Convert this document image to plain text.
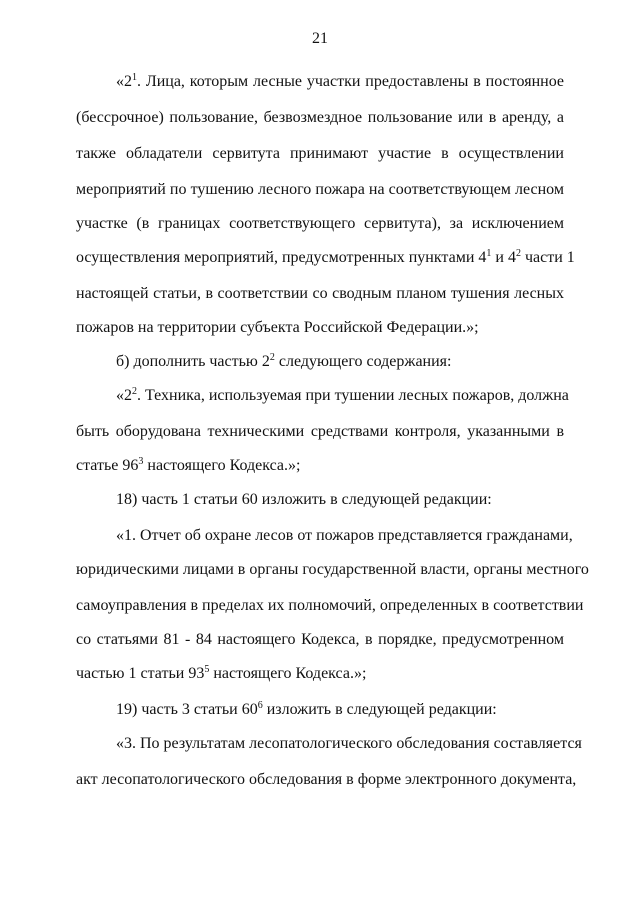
21
«$2^1$. Лица, которым лесные участки предоставлены в постоянное
(бессрочное) пользование, безвозмездное пользование или в аренду, а
также обладатели сервитута принимают участие в осуществлении
мероприятий по тушению лесного пожара на соответствующем лесном
участке (в границах соответствующего сервитута), за исключением
осуществления мероприятий, предусмотренных пунктами $4^1$ и $4^2$ части 1
настоящей статьи, в соответствии со сводным планом тушения лесных
пожаров на территории субъекта Российской Федерации.»;
б) дополнить частью $2^2$ следующего содержания:
«$2^2$. Техника, используемая при тушении лесных пожаров, должна
быть оборудована техническими средствами контроля, указанными в
статье $96^3$ настоящего Кодекса.»;
18) часть 1 статьи 60 изложить в следующей редакции:
«1. Отчет об охране лесов от пожаров представляется гражданами,
юридическими лицами в органы государственной власти, органы местного
самоуправления в пределах их полномочий, определенных в соответствии
со статьями 81 - 84 настоящего Кодекса, в порядке, предусмотренном
частью 1 статьи $93^5$ настоящего Кодекса.»;
19) часть 3 статьи $60^6$ изложить в следующей редакции:
«3. По результатам лесопатологического обследования составляется
акт лесопатологического обследования в форме электронного документа,
